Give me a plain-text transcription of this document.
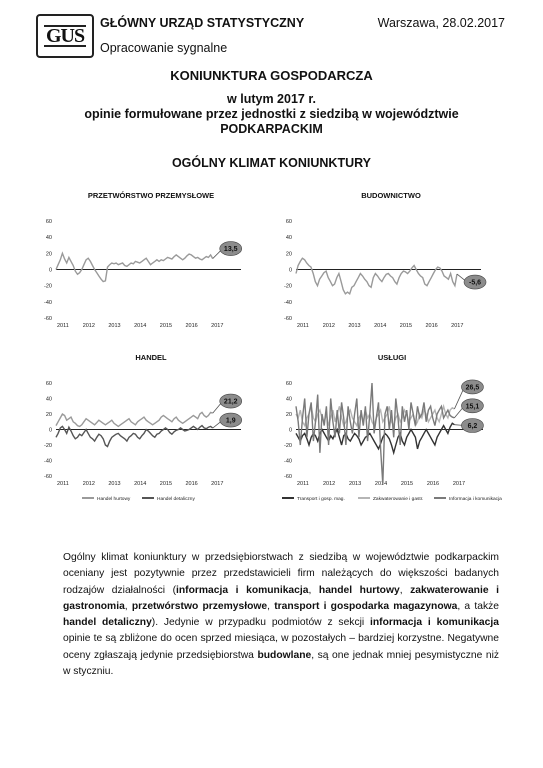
GUS
GŁÓWNY URZĄD STATYSTYCZNY	Warszawa, 28.02.2017
Opracowanie sygnalne
KONIUNKTURA GOSPODARCZA
w lutym 2017 r.
opinie formułowane przez jednostki z siedzibą w województwie
PODKARPACKIM
OGÓLNY KLIMAT KONIUNKTURY
PRZETWÓRSTWO PRZEMYSŁOWE
60
40
20
0
-20
-40
-60
2011	2012 2013 2014 2015 2016 2017
13,5
BUDOWNICTWO
60
40
20
0
-20
-40
-60
2011	2012 2013 2014 2015 2016 2017
-5,6
HANDEL
60
40
20
0
-20
-40
-60
2011	2012 2013 2014 2015 2016 2017
21,2
1,9
Handel hurtowy	Handel detaliczny
USŁUGI
60
40
20
0
-20
-40
-60
2011	2012 2013 2014 2015 2016 2017
6,2
26,5
15,1
Transport i gosp. mag.	Zakwaterowanie i gastr.	Informacja i komunikacja
Ogólny klimat koniunktury w przedsiębiorstwach z siedzibą w województwie podkarpackim oceniany jest pozytywnie przez przedstawicieli firm należących do większości badanych rodzajów działalności (informacja i komunikacja, handel hurtowy, zakwaterowanie i gastronomia, przetwórstwo przemysłowe, transport i gospodarka magazynowa, a także handel detaliczny). Jedynie w przypadku podmiotów z sekcji informacja i komunikacja opinie te są zbliżone do ocen sprzed miesiąca, w pozostałych – bardziej korzystne. Negatywne oceny zgłaszają jedynie przedsiębiorstwa budowlane, są one jednak mniej pesymistyczne niż w styczniu.
